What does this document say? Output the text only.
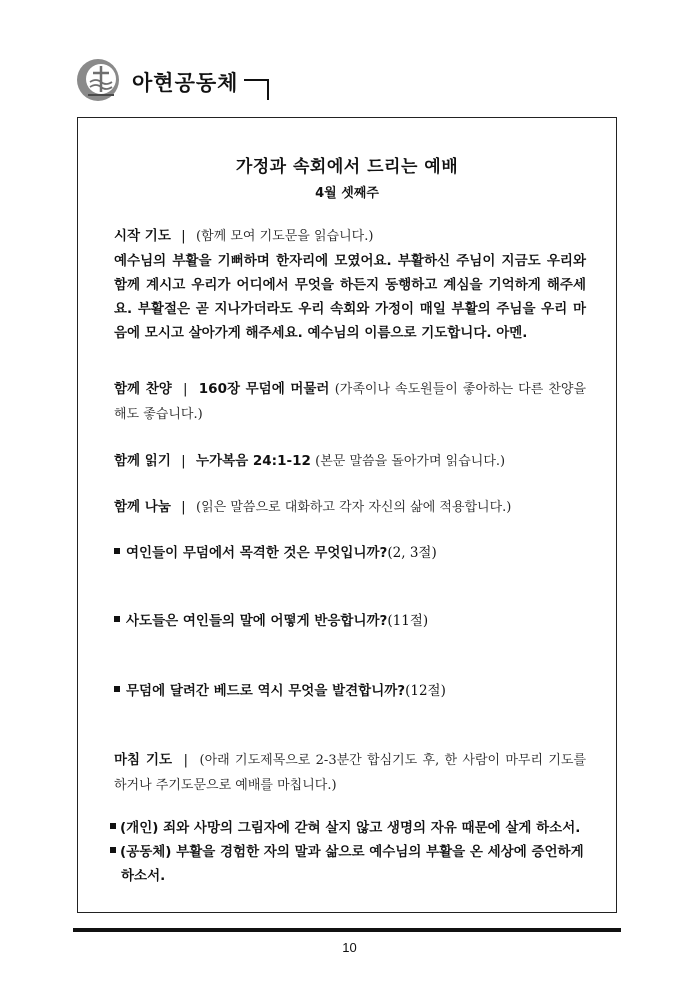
아현공동체
가정과 속회에서 드리는 예배
4월 셋째주
시작 기도 | (함께 모여 기도문을 읽습니다.)
예수님의 부활을 기뻐하며 한자리에 모였어요. 부활하신 주님이 지금도 우리와 함께 계시고 우리가 어디에서 무엇을 하든지 동행하고 계심을 기억하게 해주세요. 부활절은 곧 지나가더라도 우리 속회와 가정이 매일 부활의 주님을 우리 마음에 모시고 살아가게 해주세요. 예수님의 이름으로 기도합니다. 아멘.
함께 찬양 | 160장 무덤에 머물러 (가족이나 속도원들이 좋아하는 다른 찬양을 해도 좋습니다.)
함께 읽기 | 누가복음 24:1-12 (본문 말씀을 돌아가며 읽습니다.)
함께 나눔 | (읽은 말씀으로 대화하고 각자 자신의 삶에 적용합니다.)
여인들이 무덤에서 목격한 것은 무엇입니까?(2, 3절)
사도들은 여인들의 말에 어떻게 반응합니까?(11절)
무덤에 달려간 베드로 역시 무엇을 발견합니까?(12절)
마침 기도 | (아래 기도제목으로 2-3분간 합심기도 후, 한 사람이 마무리 기도를 하거나 주기도문으로 예배를 마칩니다.)
(개인) 죄와 사망의 그림자에 갇혀 살지 않고 생명의 자유 때문에 살게 하소서.
(공동체) 부활을 경험한 자의 말과 삶으로 예수님의 부활을 온 세상에 증언하게 하소서.
10
